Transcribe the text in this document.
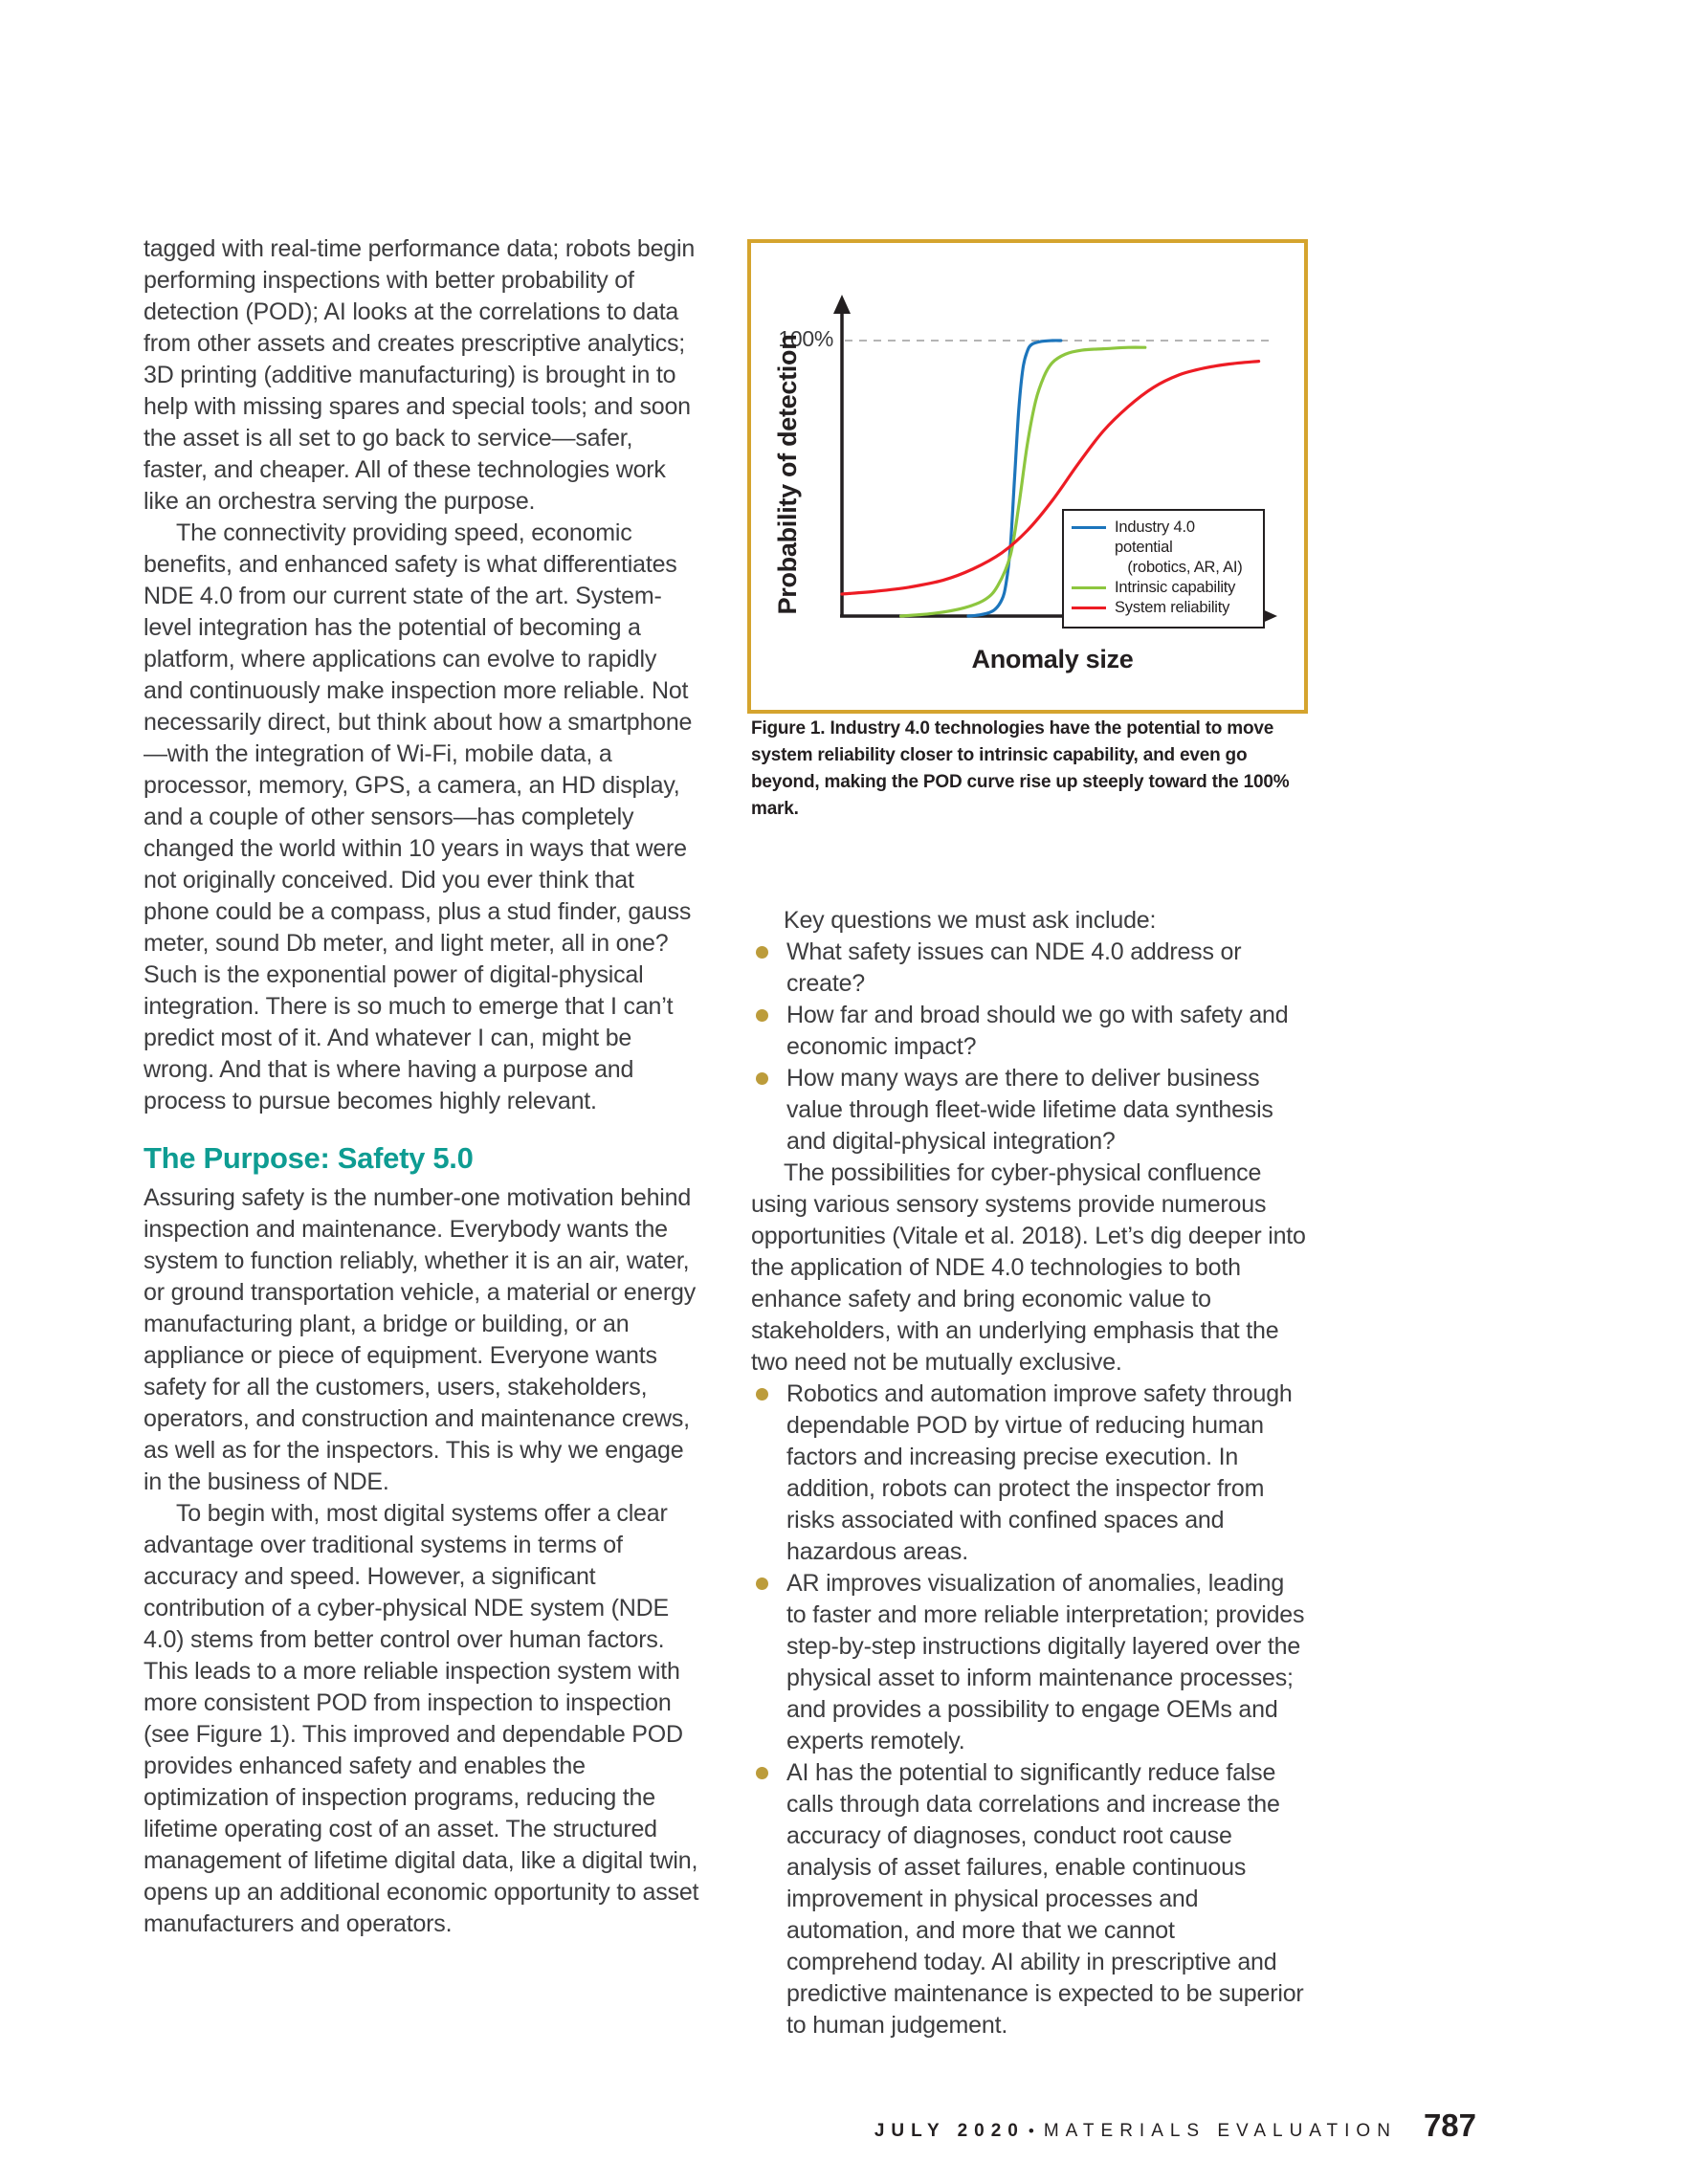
tagged with real-time performance data; robots begin performing inspections with better probability of detection (POD); AI looks at the correlations to data from other assets and creates prescriptive analytics; 3D printing (additive manufacturing) is brought in to help with missing spares and special tools; and soon the asset is all set to go back to service—safer, faster, and cheaper. All of these technologies work like an orchestra serving the purpose.

The connectivity providing speed, economic benefits, and enhanced safety is what differentiates NDE 4.0 from our current state of the art. System-level integration has the potential of becoming a platform, where applications can evolve to rapidly and continuously make inspection more reliable. Not necessarily direct, but think about how a smartphone—with the integration of Wi-Fi, mobile data, a processor, memory, GPS, a camera, an HD display, and a couple of other sensors—has completely changed the world within 10 years in ways that were not originally conceived. Did you ever think that phone could be a compass, plus a stud finder, gauss meter, sound Db meter, and light meter, all in one? Such is the exponential power of digital-physical integration. There is so much to emerge that I can’t predict most of it. And whatever I can, might be wrong. And that is where having a purpose and process to pursue becomes highly relevant.

The Purpose: Safety 5.0

Assuring safety is the number-one motivation behind inspection and maintenance. Everybody wants the system to function reliably, whether it is an air, water, or ground transportation vehicle, a material or energy manufacturing plant, a bridge or building, or an appliance or piece of equipment. Everyone wants safety for all the customers, users, stakeholders, operators, and construction and maintenance crews, as well as for the inspectors. This is why we engage in the business of NDE.

To begin with, most digital systems offer a clear advantage over traditional systems in terms of accuracy and speed. However, a significant contribution of a cyber-physical NDE system (NDE 4.0) stems from better control over human factors. This leads to a more reliable inspection system with more consistent POD from inspection to inspection (see Figure 1). This improved and dependable POD provides enhanced safety and enables the optimization of inspection programs, reducing the lifetime operating cost of an asset. The structured management of lifetime digital data, like a digital twin, opens up an additional economic opportunity to asset manufacturers and operators.

100%
Probability of detection
Anomaly size
Industry 4.0 potential
(robotics, AR, AI)
Intrinsic capability
System reliability
Figure 1. Industry 4.0 technologies have the potential to move system reliability closer to intrinsic capability, and even go beyond, making the POD curve rise up steeply toward the 100% mark.

Key questions we must ask include:

What safety issues can NDE 4.0 address or create?
How far and broad should we go with safety and economic impact?
How many ways are there to deliver business value through fleet-wide lifetime data synthesis and digital-physical integration?

The possibilities for cyber-physical confluence using various sensory systems provide numerous opportunities (Vitale et al. 2018). Let’s dig deeper into the application of NDE 4.0 technologies to both enhance safety and bring economic value to stakeholders, with an underlying emphasis that the two need not be mutually exclusive.

Robotics and automation improve safety through dependable POD by virtue of reducing human factors and increasing precise execution. In addition, robots can protect the inspector from risks associated with confined spaces and hazardous areas.
AR improves visualization of anomalies, leading to faster and more reliable interpretation; provides step-by-step instructions digitally layered over the physical asset to inform maintenance processes; and provides a possibility to engage OEMs and experts remotely.
AI has the potential to significantly reduce false calls through data correlations and increase the accuracy of diagnoses, conduct root cause analysis of asset failures, enable continuous improvement in physical processes and automation, and more that we cannot comprehend today. AI ability in prescriptive and predictive maintenance is expected to be superior to human judgement.
JULY 2020 • MATERIALS EVALUATION 787
